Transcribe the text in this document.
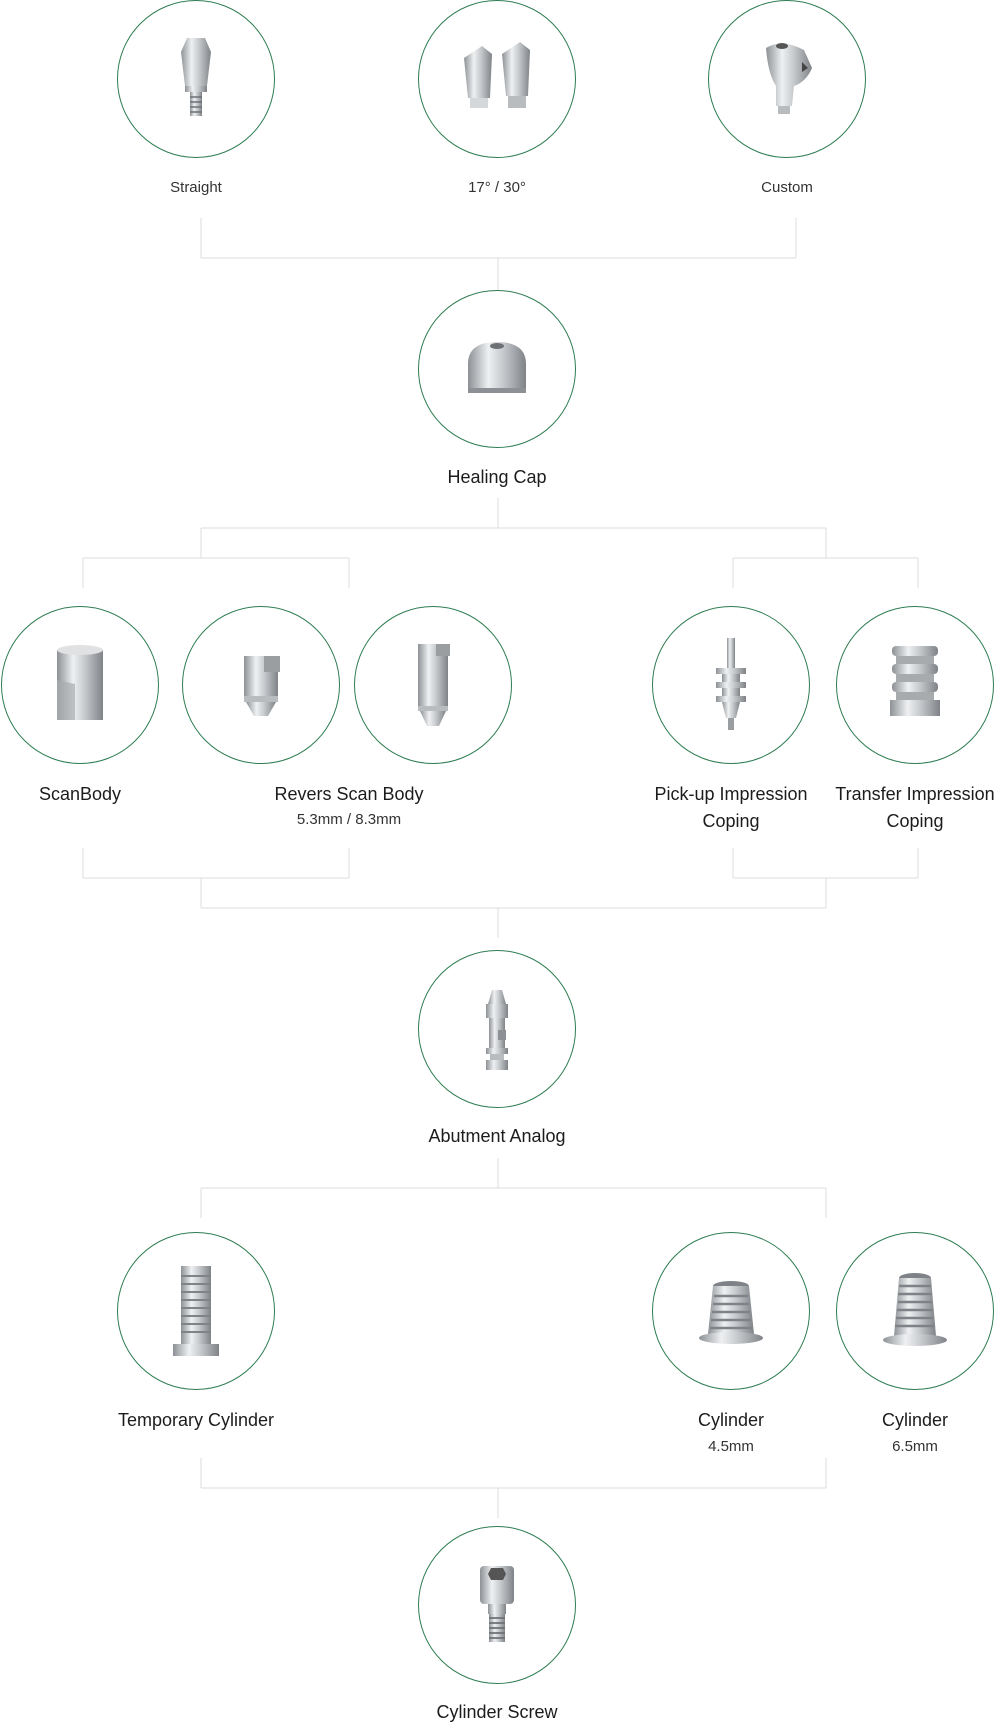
Straight	17° / 30°	Custom
Healing Cap
ScanBody	Revers Scan Body
5.3mm / 8.3mm
Pick-up Impression
Coping
Transfer Impression
Coping
Abutment Analog
Temporary Cylinder	Cylinder
4.5mm
Cylinder
6.5mm
Cylinder Screw
